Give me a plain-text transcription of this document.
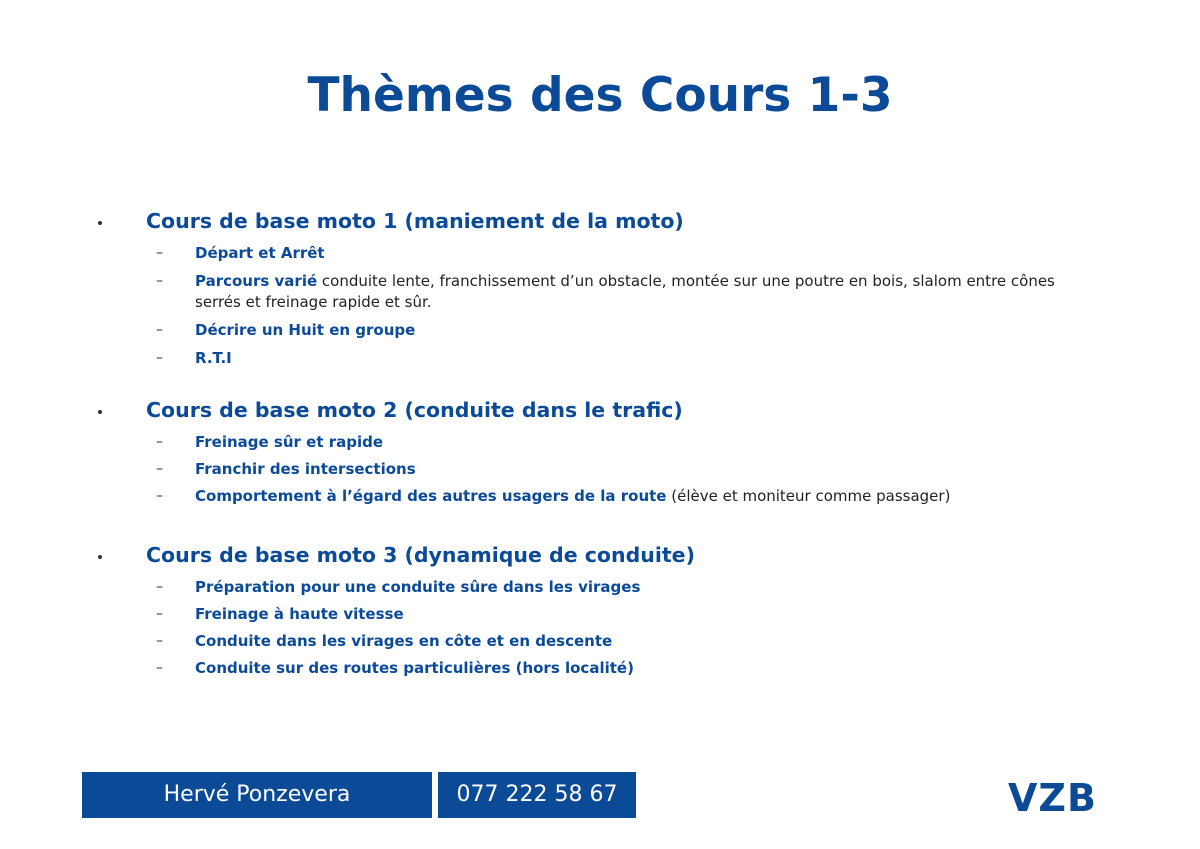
Thèmes des Cours 1-3
Cours de base moto 1 (maniement de la moto)
– Départ et Arrêt
– Parcours varié conduite lente, franchissement d’un obstacle, montée sur une poutre en bois, slalom entre cônes serrés et freinage rapide et sûr.
– Décrire un Huit en groupe
– R.T.I
Cours de base moto 2 (conduite dans le trafic)
– Freinage sûr et rapide
– Franchir des intersections
– Comportement à l’égard des autres usagers de la route (élève et moniteur comme passager)
Cours de base moto 3 (dynamique de conduite)
– Préparation pour une conduite sûre dans les virages
– Freinage à haute vitesse
– Conduite dans les virages en côte et en descente
– Conduite sur des routes particulières (hors localité)
Hervé Ponzevera	077 222 58 67	VZB
